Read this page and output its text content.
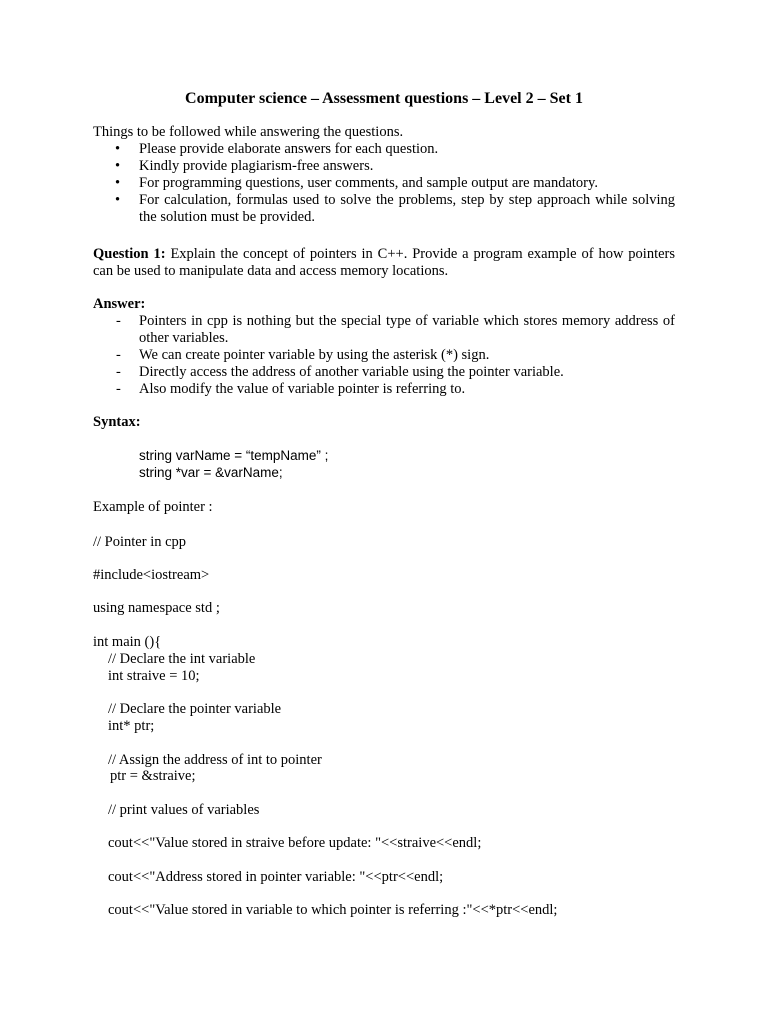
Computer science – Assessment questions – Level 2 – Set 1
Things to be followed while answering the questions.
• Please provide elaborate answers for each question.
• Kindly provide plagiarism-free answers.
• For programming questions, user comments, and sample output are mandatory.
• For calculation, formulas used to solve the problems, step by step approach while solving the solution must be provided.
Question 1: Explain the concept of pointers in C++. Provide a program example of how pointers can be used to manipulate data and access memory locations.
Answer:
- Pointers in cpp is nothing but the special type of variable which stores memory address of other variables.
- We can create pointer variable by using the asterisk (*) sign.
- Directly access the address of another variable using the pointer variable.
- Also modify the value of variable pointer is referring to.
Syntax:
string varName = “tempName” ;
string *var = &varName;
Example of pointer :
// Pointer in cpp
#include<iostream>
using namespace std ;
int main (){
// Declare the int variable
int straive = 10;
// Declare the pointer variable
int* ptr;
// Assign the address of int to pointer
ptr = &straive;
// print values of variables
cout<<"Value stored in straive before update: "<<straive<<endl;
cout<<"Address stored in pointer variable: "<<ptr<<endl;
cout<<"Value stored in variable to which pointer is referring :"<<*ptr<<endl;
